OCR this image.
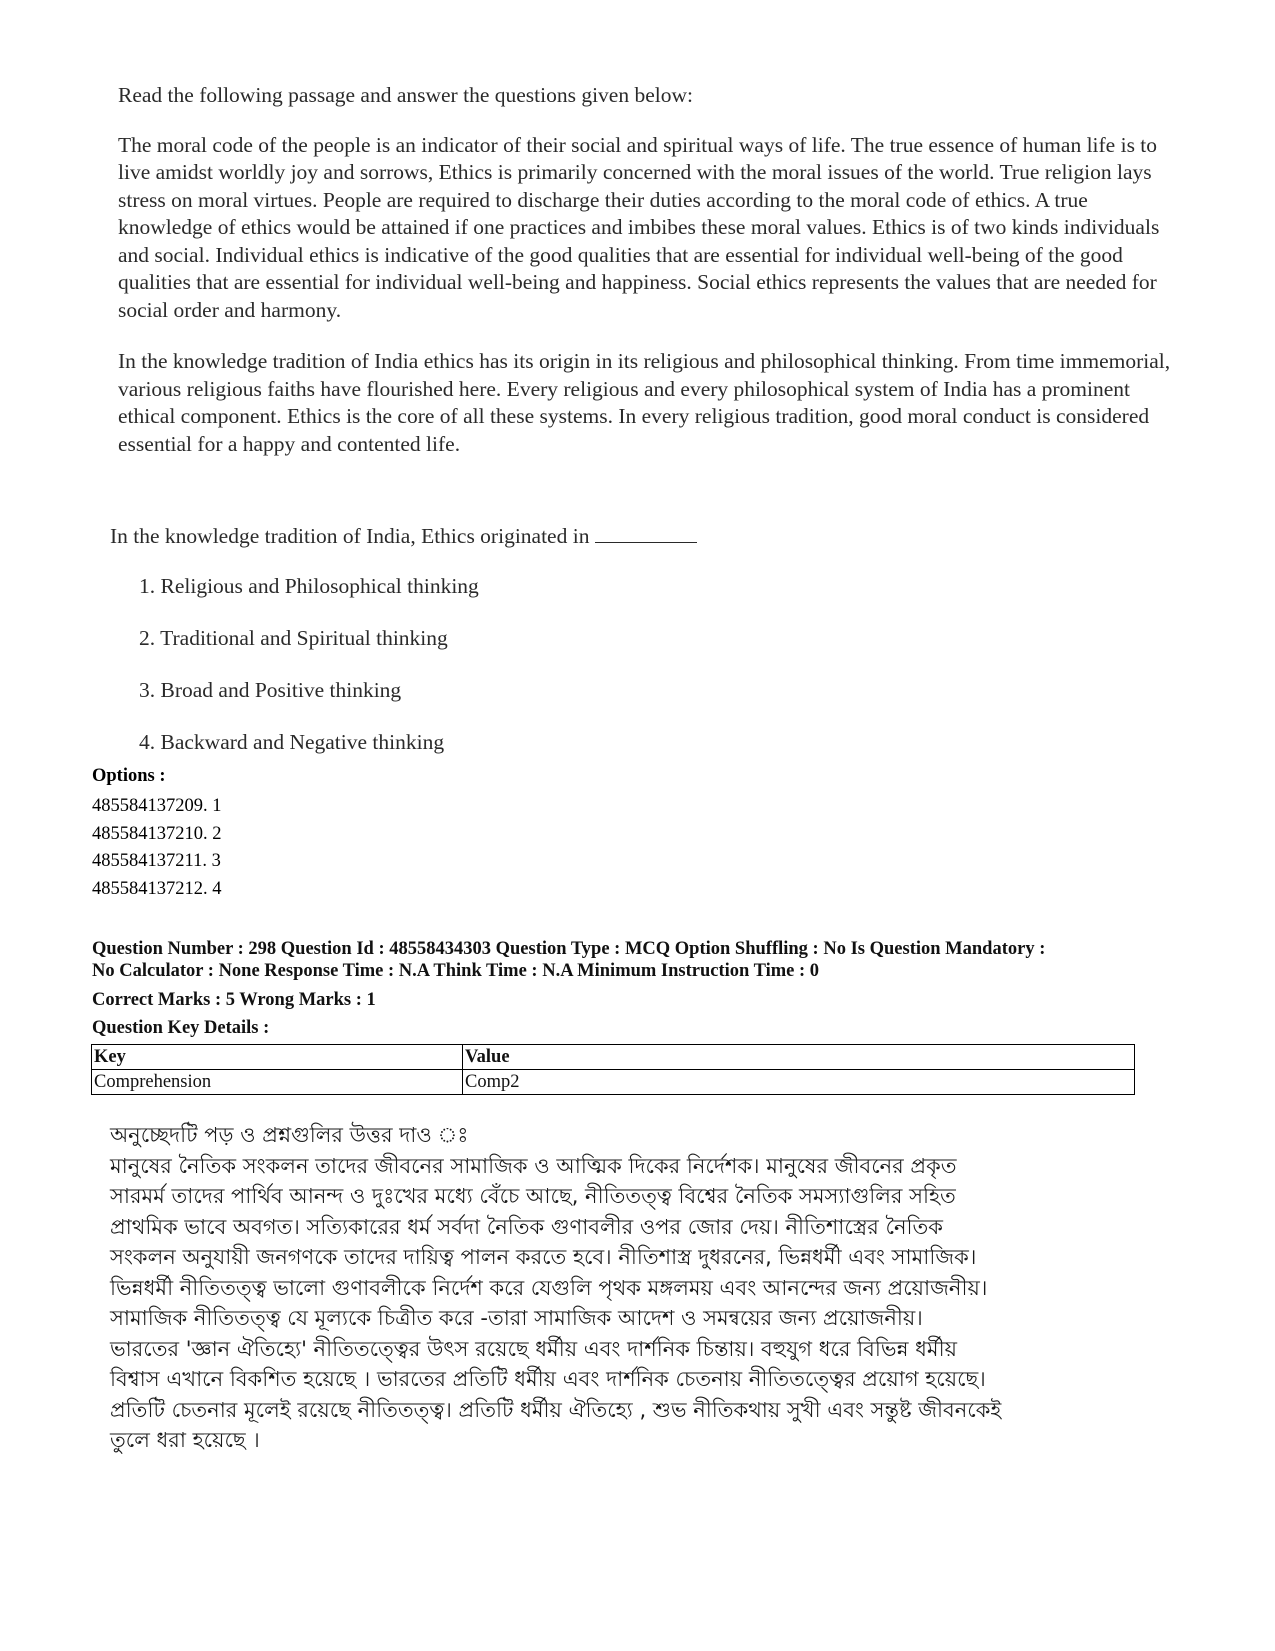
Read the following passage and answer the questions given below:

The moral code of the people is an indicator of their social and spiritual ways of life. The true essence of human life is to live amidst worldly joy and sorrows, Ethics is primarily concerned with the moral issues of the world. True religion lays stress on moral virtues. People are required to discharge their duties according to the moral code of ethics. A true knowledge of ethics would be attained if one practices and imbibes these moral values. Ethics is of two kinds individuals and social. Individual ethics is indicative of the good qualities that are essential for individual well-being of the good qualities that are essential for individual well-being and happiness. Social ethics represents the values that are needed for social order and harmony.

In the knowledge tradition of India ethics has its origin in its religious and philosophical thinking. From time immemorial, various religious faiths have flourished here. Every religious and every philosophical system of India has a prominent ethical component. Ethics is the core of all these systems. In every religious tradition, good moral conduct is considered essential for a happy and contented life.

In the knowledge tradition of India, Ethics originated in

1. Religious and Philosophical thinking
2. Traditional and Spiritual thinking
3. Broad and Positive thinking
4. Backward and Negative thinking
Options :
485584137209. 1
485584137210. 2
485584137211. 3
485584137212. 4
Question Number : 298 Question Id : 48558434303 Question Type : MCQ Option Shuffling : No Is Question Mandatory :
No Calculator : None Response Time : N.A Think Time : N.A Minimum Instruction Time : 0
Correct Marks : 5 Wrong Marks : 1
Question Key Details :
Key	Value
Comprehension	Comp2

অনুচ্ছেদটি পড় ও প্রশ্নগুলির উত্তর দাও ঃ

মানুষের নৈতিক সংকলন তাদের জীবনের সামাজিক ও আত্মিক দিকের নির্দেশক। মানুষের জীবনের প্রকৃত

সারমর্ম তাদের পার্থিব আনন্দ ও দুঃখের মধ্যে বেঁচে আছে, নীতিতত্ত্ব বিশ্বের নৈতিক সমস্যাগুলির সহিত

প্রাথমিক ভাবে অবগত। সত্যিকারের ধর্ম সর্বদা নৈতিক গুণাবলীর ওপর জোর দেয়। নীতিশাস্ত্রের নৈতিক

সংকলন অনুযায়ী জনগণকে তাদের দায়িত্ব পালন করতে হবে। নীতিশাস্ত্র দুধরনের, ভিন্নধর্মী এবং সামাজিক।

ভিন্নধর্মী নীতিতত্ত্ব ভালো গুণাবলীকে নির্দেশ করে যেগুলি পৃথক মঙ্গলময় এবং আনন্দের জন্য প্রয়োজনীয়।

সামাজিক নীতিতত্ত্ব যে মূল্যকে চিত্রীত করে -তারা সামাজিক আদেশ ও সমন্বয়ের জন্য প্রয়োজনীয়।

ভারতের 'জ্ঞান ঐতিহ্যে' নীতিতত্ত্বের উৎস রয়েছে ধর্মীয় এবং দার্শনিক চিন্তায়। বহুযুগ ধরে বিভিন্ন ধর্মীয়

বিশ্বাস এখানে বিকশিত হয়েছে । ভারতের প্রতিটি ধর্মীয় এবং দার্শনিক চেতনায় নীতিতত্ত্বের প্রয়োগ হয়েছে।

প্রতিটি চেতনার মূলেই রয়েছে নীতিতত্ত্ব। প্রতিটি ধর্মীয় ঐতিহ্যে , শুভ নীতিকথায় সুখী এবং সন্তুষ্ট জীবনকেই

তুলে ধরা হয়েছে ।
